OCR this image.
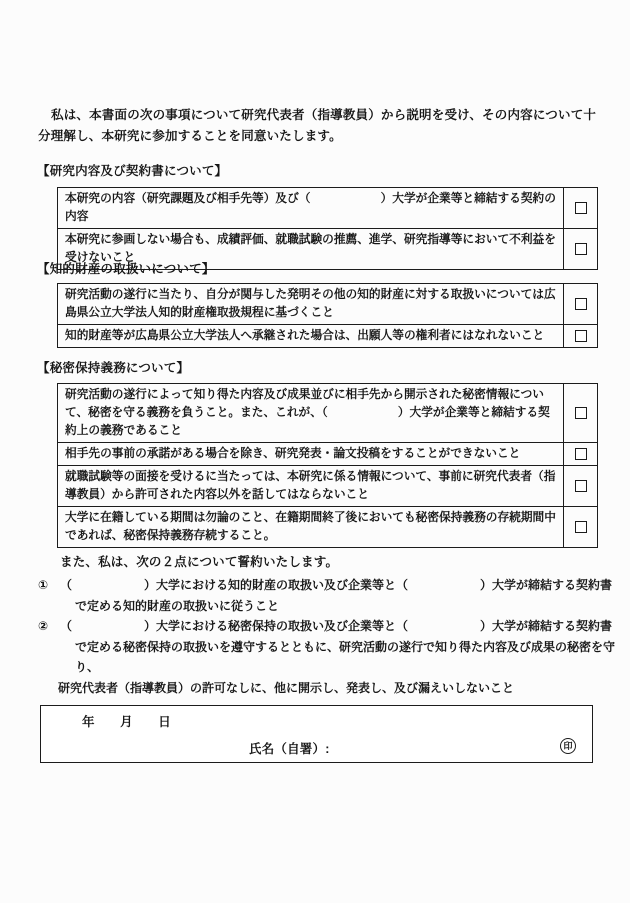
私は、本書面の次の事項について研究代表者（指導教員）から説明を受け、その内容について十分理解し、本研究に参加することを同意いたします。

【研究内容及び契約書について】
本研究の内容（研究課題及び相手先等）及び（　　　　　　）大学が企業等と締結する契約の内容	
本研究に参画しない場合も、成績評価、就職試験の推薦、進学、研究指導等において不利益を受けないこと	
【知的財産の取扱いについて】
研究活動の遂行に当たり、自分が関与した発明その他の知的財産に対する取扱いについては広島県公立大学法人知的財産権取扱規程に基づくこと	
知的財産等が広島県公立大学法人へ承継された場合は、出願人等の権利者にはなれないこと	
【秘密保持義務について】
研究活動の遂行によって知り得た内容及び成果並びに相手先から開示された秘密情報について、秘密を守る義務を負うこと。また、これが、（　　　　　　）大学が企業等と締結する契約上の義務であること	
相手先の事前の承諾がある場合を除き、研究発表・論文投稿をすることができないこと	
就職試験等の面接を受けるに当たっては、本研究に係る情報について、事前に研究代表者（指導教員）から許可された内容以外を話してはならないこと	
大学に在籍している期間は勿論のこと、在籍期間終了後においても秘密保持義務の存続期間中であれば、秘密保持義務存続すること。	

また、私は、次の２点について誓約いたします。

① （　　　　　　）大学における知的財産の取扱い及び企業等と（　　　　　　）大学が締結する契約書で定める知的財産の取扱いに従うこと
② （　　　　　　）大学における秘密保持の取扱い及び企業等と（　　　　　　）大学が締結する契約書で定める秘密保持の取扱いを遵守するとともに、研究活動の遂行で知り得た内容及び成果の秘密を守り、
研究代表者（指導教員）の許可なしに、他に開示し、発表し、及び漏えいしないこと
年　　月　　日
氏名（自署）:	印
